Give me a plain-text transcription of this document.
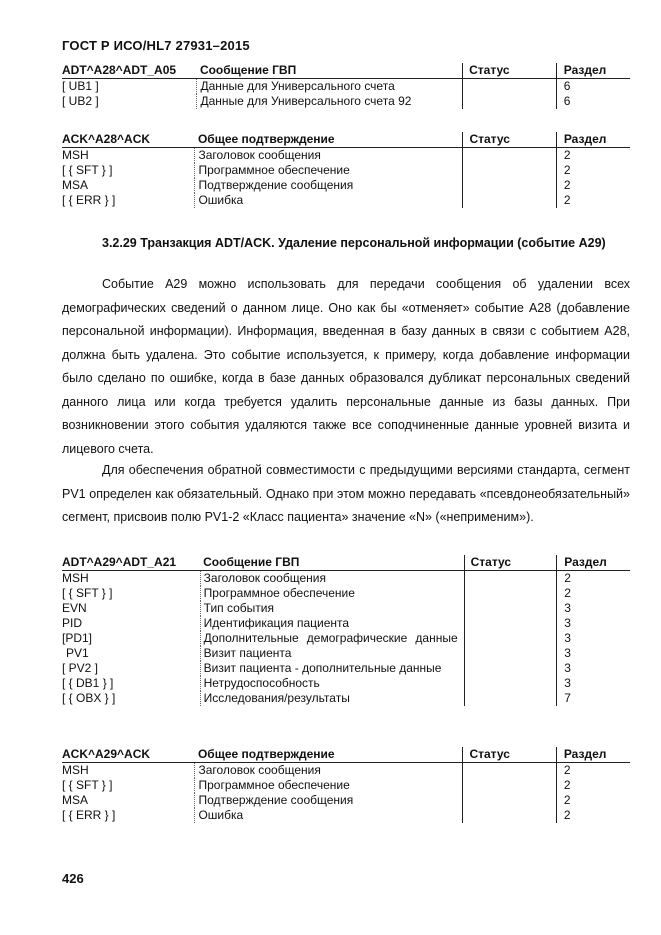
ГОСТ Р ИСО/HL7 27931–2015
ADT^A28^ADT_A05	Сообщение ГВП	Статус	Раздел
[ UB1 ]	Данные для Универсального счета		6
[ UB2 ]	Данные для Универсального счета 92		6
ACK^A28^ACK	Общее подтверждение	Статус	Раздел
MSH	Заголовок сообщения		2
[ { SFT } ]	Программное обеспечение		2
MSA	Подтверждение сообщения		2
[ { ERR } ]	Ошибка		2
3.2.29 Транзакция ADT/ACK. Удаление персональной информации (событие A29)

Событие A29 можно использовать для передачи сообщения об удалении всех демографических сведений о данном лице. Оно как бы «отменяет» событие A28 (добавление персональной информации). Информация, введенная в базу данных в связи с событием A28, должна быть удалена. Это событие используется, к примеру, когда добавление информации было сделано по ошибке, когда в базе данных образовался дубликат персональных сведений данного лица или когда требуется удалить персональные данные из базы данных. При возникновении этого события удаляются также все соподчиненные данные уровней визита и лицевого счета.

Для обеспечения обратной совместимости с предыдущими версиями стандарта, сегмент PV1 определен как обязательный. Однако при этом можно передавать «псевдонеобязательный» сегмент, присвоив полю PV1-2 «Класс пациента» значение «N» («неприменим»).

ADT^A29^ADT_A21	Сообщение ГВП	Статус	Раздел
MSH	Заголовок сообщения		2
[ { SFT } ]	Программное обеспечение		2
EVN	Тип события		3
PID	Идентификация пациента		3
[PD1]	Дополнительные демографические данные		3
PV1	Визит пациента		3
[ PV2 ]	Визит пациента - дополнительные данные		3
[ { DB1 } ]	Нетрудоспособность		3
[ { OBX } ]	Исследования/результаты		7
ACK^A29^ACK	Общее подтверждение	Статус	Раздел
MSH	Заголовок сообщения		2
[ { SFT } ]	Программное обеспечение		2
MSA	Подтверждение сообщения		2
[ { ERR } ]	Ошибка		2
426
